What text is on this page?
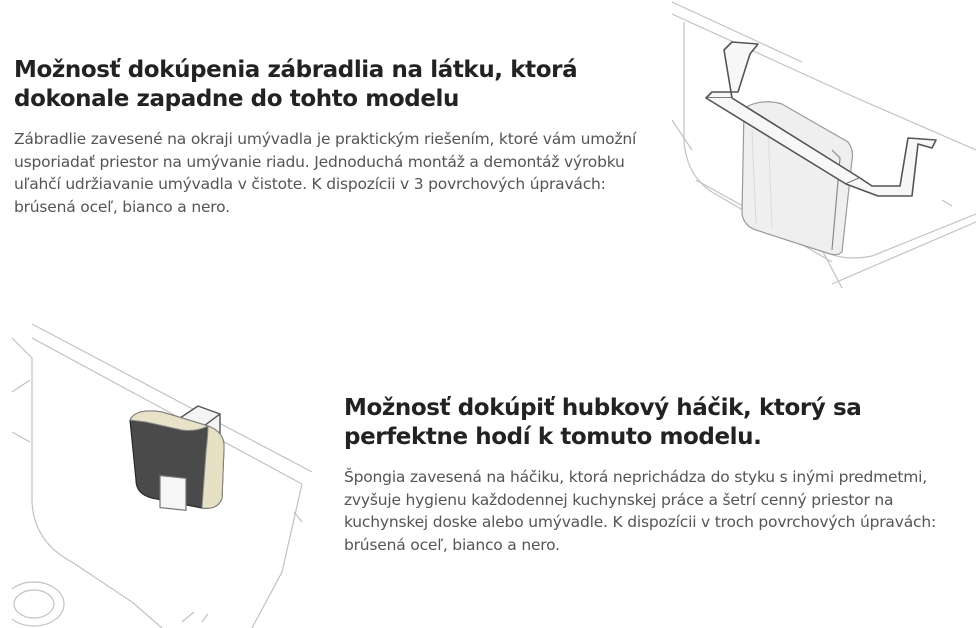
Možnosť dokúpenia zábradlia na látku, ktorá dokonale zapadne do tohto modelu

Zábradlie zavesené na okraji umývadla je praktickým riešením, ktoré vám umožní usporiadať priestor na umývanie riadu. Jednoduchá montáž a demontáž výrobku uľahčí udržiavanie umývadla v čistote. K dispozícii v 3 povrchových úpravách: brúsená oceľ, bianco a nero.

Možnosť dokúpiť hubkový háčik, ktorý sa perfektne hodí k tomuto modelu.

Špongia zavesená na háčiku, ktorá neprichádza do styku s inými predmetmi, zvyšuje hygienu každodennej kuchynskej práce a šetrí cenný priestor na kuchynskej doske alebo umývadle. K dispozícii v troch povrchových úpravách: brúsená oceľ, bianco a nero.
